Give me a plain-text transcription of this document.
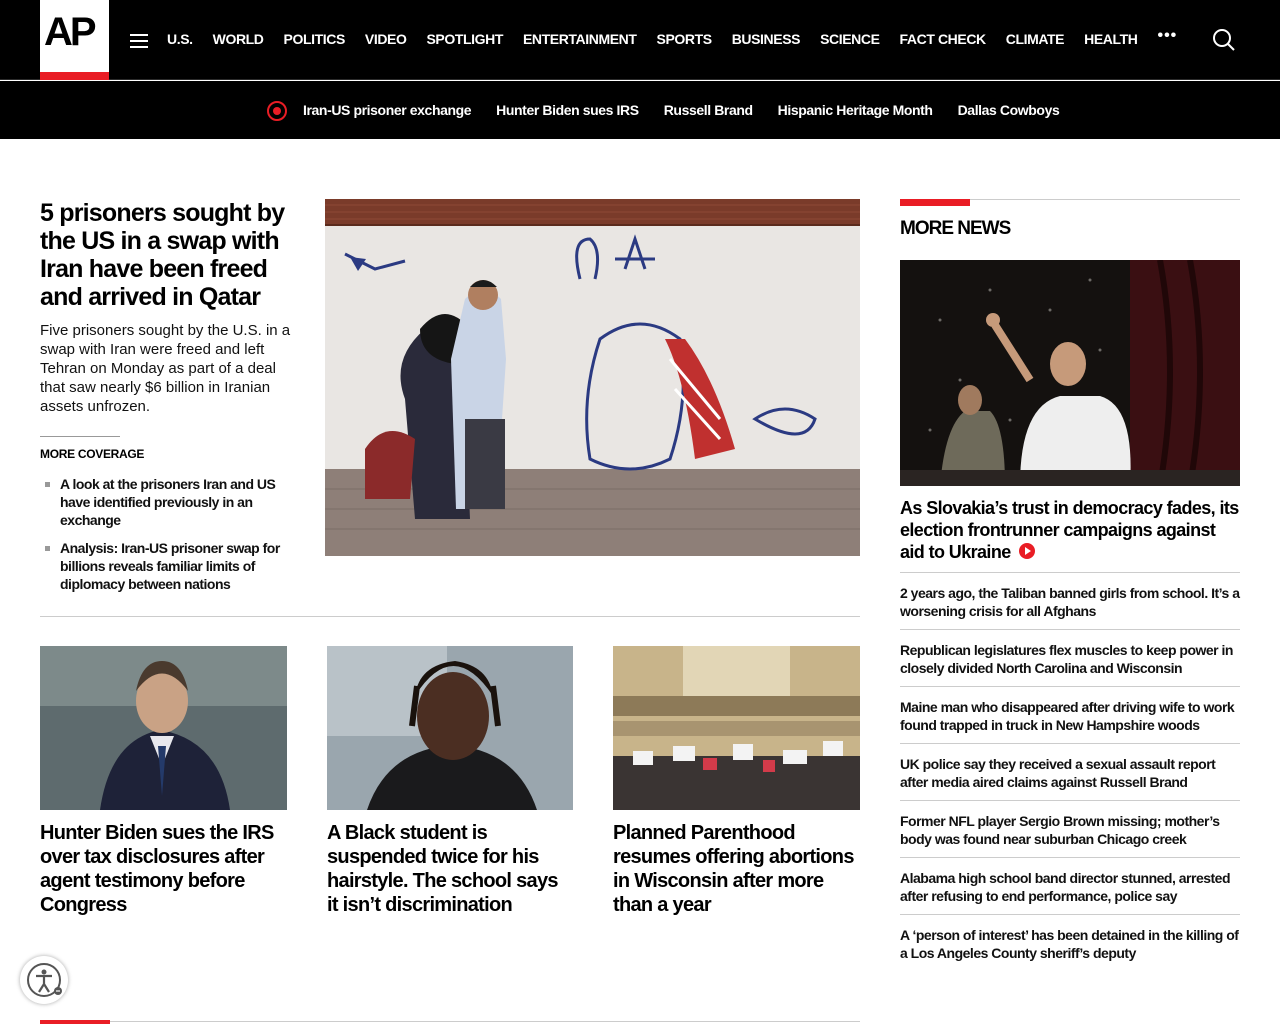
AP	U.S. WORLD POLITICS VIDEO SPOTLIGHT ENTERTAINMENT SPORTS BUSINESS SCIENCE FACT CHECK CLIMATE HEALTH •••
Iran-US prisoner exchange Hunter Biden sues IRS Russell Brand Hispanic Heritage Month Dallas Cowboys
5 prisoners sought by the US in a swap with Iran have been freed and arrived in Qatar

Five prisoners sought by the U.S. in a swap with Iran were freed and left Tehran on Monday as part of a deal that saw nearly $6 billion in Iranian assets unfrozen.

MORE COVERAGE
A look at the prisoners Iran and US have identified previously in an exchange
Analysis: Iran-US prisoner swap for billions reveals familiar limits of diplomacy between nations
Hunter Biden sues the IRS over tax disclosures after agent testimony before Congress
A Black student is suspended twice for his hairstyle. The school says it isn’t discrimination
Planned Parenthood resumes offering abortions in Wisconsin after more than a year
MORE NEWS
As Slovakia’s trust in democracy fades, its election frontrunner campaigns against aid to Ukraine
2 years ago, the Taliban banned girls from school. It’s a worsening crisis for all Afghans
Republican legislatures flex muscles to keep power in closely divided North Carolina and Wisconsin
Maine man who disappeared after driving wife to work found trapped in truck in New Hampshire woods
UK police say they received a sexual assault report after media aired claims against Russell Brand
Former NFL player Sergio Brown missing; mother’s body was found near suburban Chicago creek
Alabama high school band director stunned, arrested after refusing to end performance, police say
A ‘person of interest’ has been detained in the killing of a Los Angeles County sheriff’s deputy
